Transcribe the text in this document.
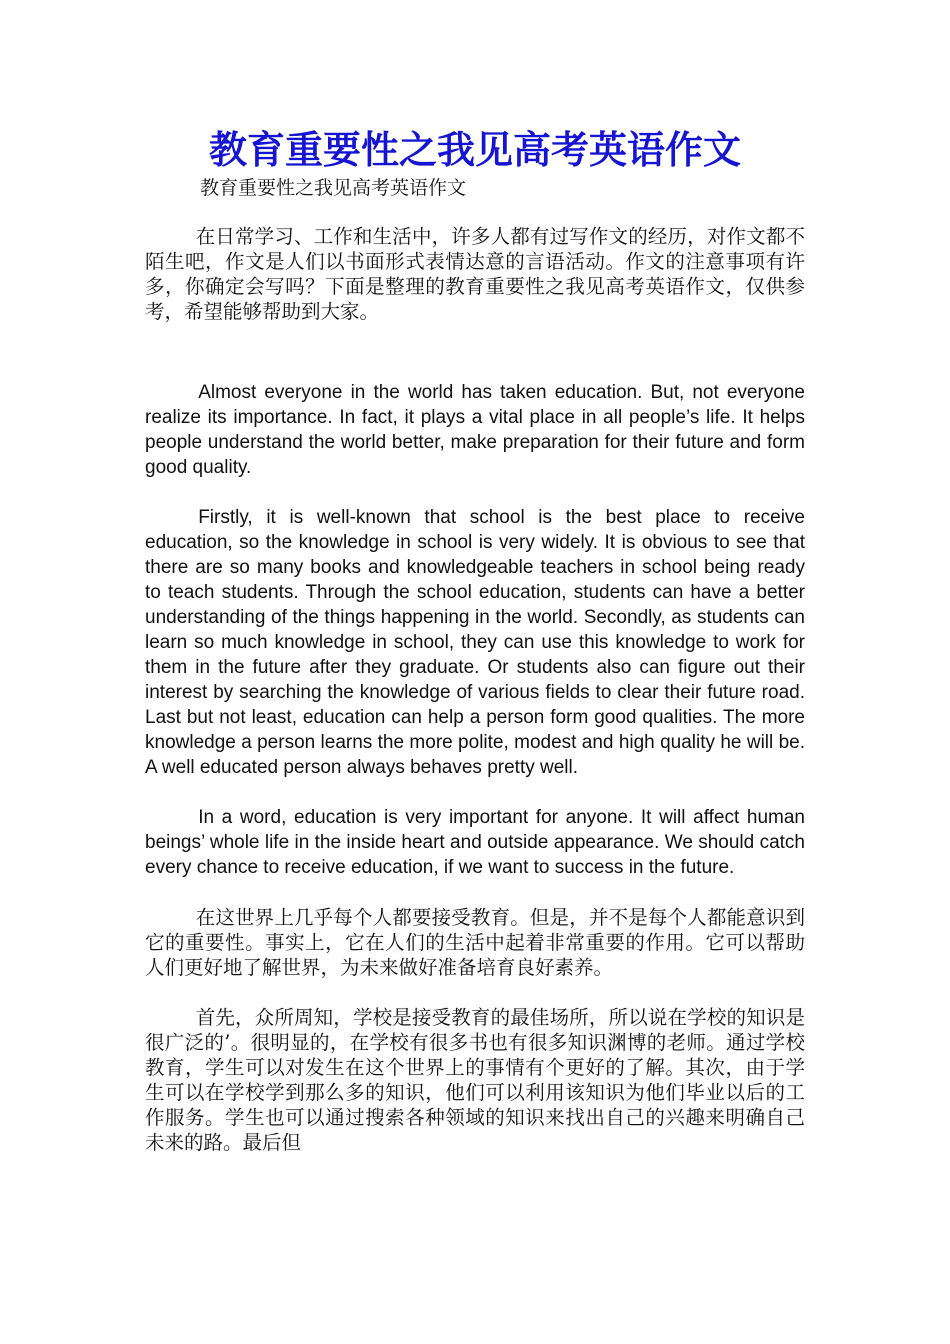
教育重要性之我见高考英语作文
教育重要性之我见高考英语作文

在日常学习、工作和生活中，许多人都有过写作文的经历，对作文都不陌生吧，作文是人们以书面形式表情达意的言语活动。作文的注意事项有许多，你确定会写吗？下面是整理的教育重要性之我见高考英语作文，仅供参考，希望能够帮助到大家。

Almost everyone in the world has taken education. But, not everyone realize its importance. In fact, it plays a vital place in all people’s life. It helps people understand the world better, make preparation for their future and form good quality.

Firstly, it is well-known that school is the best place to receive education, so the knowledge in school is very widely. It is obvious to see that there are so many books and knowledgeable teachers in school being ready to teach students. Through the school education, students can have a better understanding of the things happening in the world. Secondly, as students can learn so much knowledge in school, they can use this knowledge to work for them in the future after they graduate. Or students also can figure out their interest by searching the knowledge of various fields to clear their future road. Last but not least, education can help a person form good qualities. The more knowledge a person learns the more polite, modest and high quality he will be. A well educated person always behaves pretty well.

In a word, education is very important for anyone. It will affect human beings’ whole life in the inside heart and outside appearance. We should catch every chance to receive education, if we want to success in the future.

在这世界上几乎每个人都要接受教育。但是，并不是每个人都能意识到它的重要性。事实上，它在人们的生活中起着非常重要的作用。它可以帮助人们更好地了解世界，为未来做好准备培育良好素养。

首先，众所周知，学校是接受教育的最佳场所，所以说在学校的知识是很广泛的’。很明显的，在学校有很多书也有很多知识渊博的老师。通过学校教育，学生可以对发生在这个世界上的事情有个更好的了解。其次，由于学生可以在学校学到那么多的知识，他们可以利用该知识为他们毕业以后的工作服务。学生也可以通过搜索各种领域的知识来找出自己的兴趣来明确自己未来的路。最后但
